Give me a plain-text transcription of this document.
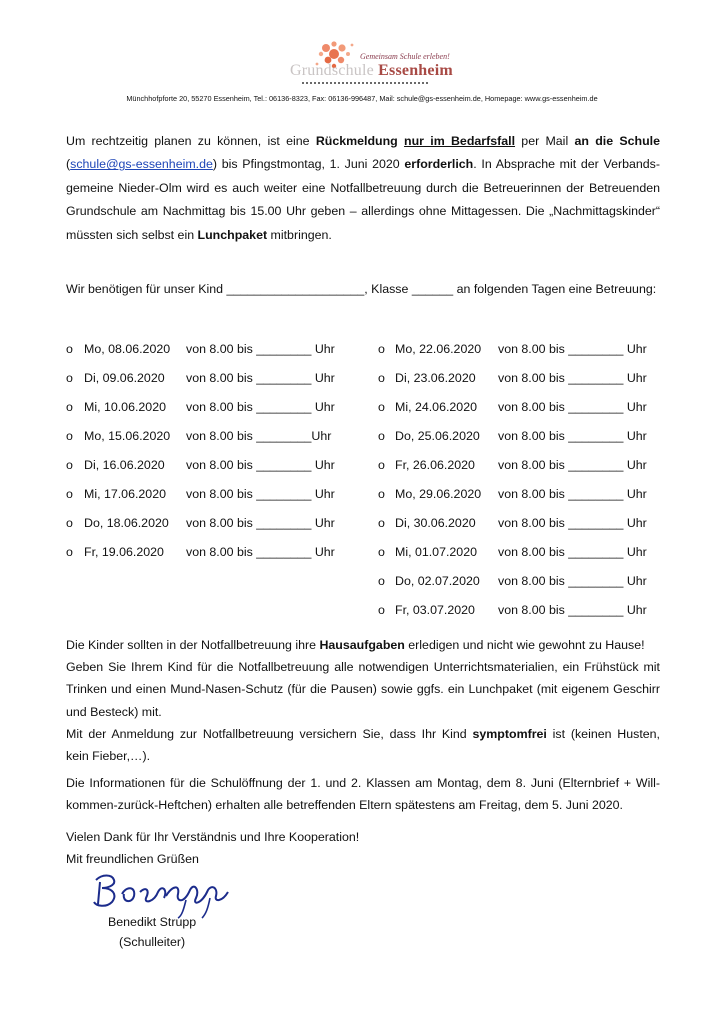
Gemeinsam Schule erleben!
Grundschule Essenheim
Münchhofpforte 20, 55270 Essenheim, Tel.: 06136-8323, Fax: 06136-996487, Mail: schule@gs-essenheim.de, Homepage: www.gs-essenheim.de

Um rechtzeitig planen zu können, ist eine Rückmeldung nur im Bedarfsfall per Mail an die Schule
(schule@gs-essenheim.de) bis Pfingstmontag, 1. Juni 2020 erforderlich. In Absprache mit der Verbands-
gemeine Nieder-Olm wird es auch weiter eine Notfallbetreuung durch die Betreuerinnen der Betreuenden
Grundschule am Nachmittag bis 15.00 Uhr geben – allerdings ohne Mittagessen. Die „Nachmittagskinder“
müssten sich selbst ein Lunchpaket mitbringen.

Wir benötigen für unser Kind ____________________, Klasse ______ an folgenden Tagen eine Betreuung:
o Mo, 08.06.2020 von 8.00 bis ________ Uhr
o Di, 09.06.2020 von 8.00 bis ________ Uhr
o Mi, 10.06.2020 von 8.00 bis ________ Uhr
o Mo, 15.06.2020 von 8.00 bis ________Uhr
o Di, 16.06.2020 von 8.00 bis ________ Uhr
o Mi, 17.06.2020 von 8.00 bis ________ Uhr
o Do, 18.06.2020 von 8.00 bis ________ Uhr
o Fr, 19.06.2020 von 8.00 bis ________ Uhr
o Mo, 22.06.2020 von 8.00 bis ________ Uhr
o Di, 23.06.2020 von 8.00 bis ________ Uhr
o Mi, 24.06.2020 von 8.00 bis ________ Uhr
o Do, 25.06.2020 von 8.00 bis ________ Uhr
o Fr, 26.06.2020 von 8.00 bis ________ Uhr
o Mo, 29.06.2020 von 8.00 bis ________ Uhr
o Di, 30.06.2020 von 8.00 bis ________ Uhr
o Mi, 01.07.2020 von 8.00 bis ________ Uhr
o Do, 02.07.2020 von 8.00 bis ________ Uhr
o Fr, 03.07.2020 von 8.00 bis ________ Uhr

Die Kinder sollten in der Notfallbetreuung ihre Hausaufgaben erledigen und nicht wie gewohnt zu Hause!
Geben Sie Ihrem Kind für die Notfallbetreuung alle notwendigen Unterrichtsmaterialien, ein Frühstück mit
Trinken und einen Mund-Nasen-Schutz (für die Pausen) sowie ggfs. ein Lunchpaket (mit eigenem Geschirr
und Besteck) mit.
Mit der Anmeldung zur Notfallbetreuung versichern Sie, dass Ihr Kind symptomfrei ist (keinen Husten,
kein Fieber,…).

Die Informationen für die Schulöffnung der 1. und 2. Klassen am Montag, dem 8. Juni (Elternbrief + Will-
kommen-zurück-Heftchen) erhalten alle betreffenden Eltern spätestens am Freitag, dem 5. Juni 2020.

Vielen Dank für Ihr Verständnis und Ihre Kooperation!
Mit freundlichen Grüßen
Benedikt Strupp
(Schulleiter)
